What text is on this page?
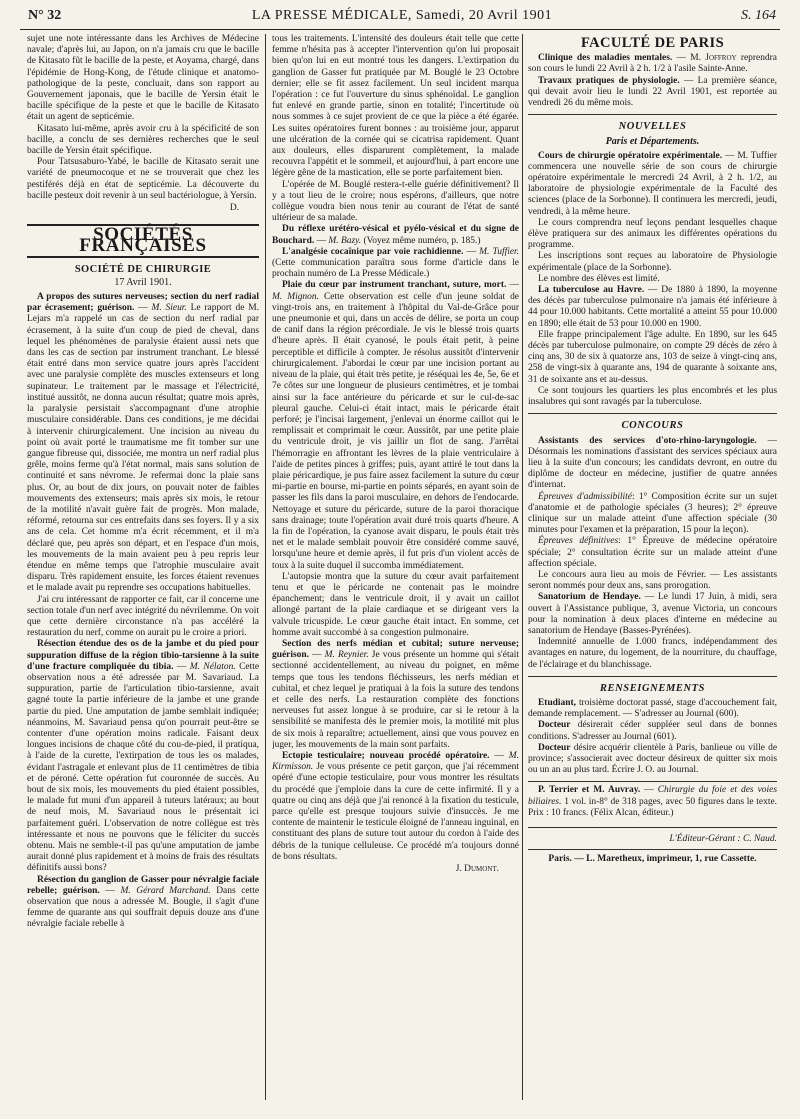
N° 32	LA PRESSE MÉDICALE, Samedi, 20 Avril 1901	S. 164

sujet une note intéressante dans les Archives de Médecine navale; d'après lui, au Japon, on n'a jamais cru que le bacille de Kitasato fût le bacille de la peste, et Aoyama, chargé, dans l'épidémie de Hong-Kong, de l'étude clinique et anatomo-pathologique de la peste, concluait, dans son rapport au Gouvernement japonais, que le bacille de Yersin était le bacille spécifique de la peste et que le bacille de Kitasato était un agent de septicémie.

Kitasato lui-même, après avoir cru à la spécificité de son bacille, a conclu de ses dernières recherches que le seul bacille de Yersin était spécifique.

Pour Tatsusaburo-Yabé, le bacille de Kitasato serait une variété de pneumocoque et ne se trouverait que chez les pestiférés déjà en état de septicémie. La découverte du bacille pesteux doit revenir à un seul bactériologue, à Yersin.

D.

SOCIÉTÉS FRANÇAISES
SOCIÉTÉ DE CHIRURGIE
17 Avril 1901.

A propos des sutures nerveuses; section du nerf radial par écrasement; guérison. — M. Sieur. Le rapport de M. Lejars m'a rappelé un cas de section du nerf radial par écrasement, à la suite d'un coup de pied de cheval, dans lequel les phénomènes de paralysie étaient aussi nets que dans les cas de section par instrument tranchant. Le blessé était entré dans mon service quatre jours après l'accident avec une paralysie complète des muscles extenseurs et long supinateur. Le traitement par le massage et l'électricité, institué aussitôt, ne donna aucun résultat; quatre mois après, la paralysie persistait s'accompagnant d'une atrophie musculaire considérable. Dans ces conditions, je me décidai à intervenir chirurgicalement. Une incision au niveau du point où avait porté le traumatisme me fit tomber sur une gangue fibreuse qui, dissociée, me montra un nerf radial plus grêle, moins ferme qu'à l'état normal, mais sans solution de continuité et sans névrome. Je refermai donc la plaie sans plus. Or, au bout de dix jours, on pouvait noter de faibles mouvements des extenseurs; mais après six mois, le retour de la motilité n'avait guère fait de progrès. Mon malade, réformé, retourna sur ces entrefaits dans ses foyers. Il y a six ans de cela. Cet homme m'a écrit récemment, et il m'a déclaré que, peu après son départ, et en l'espace d'un mois, les mouvements de la main avaient peu à peu repris leur étendue en même temps que l'atrophie musculaire avait disparu. Très rapidement ensuite, les forces étaient revenues et le malade avait pu reprendre ses occupations habituelles.

J'ai cru intéressant de rapporter ce fait, car il concerne une section totale d'un nerf avec intégrité du névrilemme. On voit que cette dernière circonstance n'a pas accéléré la restauration du nerf, comme on aurait pu le croire a priori.

Résection étendue des os de la jambe et du pied pour suppuration diffuse de la région tibio-tarsienne à la suite d'une fracture compliquée du tibia. — M. Nélaton. Cette observation nous a été adressée par M. Savariaud. La suppuration, partie de l'articulation tibio-tarsienne, avait gagné toute la partie inférieure de la jambe et une grande partie du pied. Une amputation de jambe semblait indiquée; néanmoins, M. Savariaud pensa qu'on pourrait peut-être se contenter d'une opération moins radicale. Faisant deux longues incisions de chaque côté du cou-de-pied, il pratiqua, à l'aide de la curette, l'extirpation de tous les os malades, évidant l'astragale et enlevant plus de 11 centimètres de tibia et de péroné. Cette opération fut couronnée de succès. Au bout de six mois, les mouvements du pied étaient possibles, le malade fut muni d'un appareil à tuteurs latéraux; au bout de neuf mois, M. Savariaud nous le présentait ici parfaitement guéri. L'observation de notre collègue est très intéressante et nous ne pouvons que le féliciter du succès obtenu. Mais ne semble-t-il pas qu'une amputation de jambe aurait donné plus rapidement et à moins de frais des résultats définitifs aussi bons?

Résection du ganglion de Gasser pour névralgie faciale rebelle; guérison. — M. Gérard Marchand. Dans cette observation que nous a adressée M. Bougle, il s'agit d'une femme de quarante ans qui souffrait depuis douze ans d'une névralgie faciale rebelle à

tous les traitements. L'intensité des douleurs était telle que cette femme n'hésita pas à accepter l'intervention qu'on lui proposait bien qu'on lui en eut montré tous les dangers. L'extirpation du ganglion de Gasser fut pratiquée par M. Bouglé le 23 Octobre dernier; elle se fit assez facilement. Un seul incident marqua l'opération : ce fut l'ouverture du sinus sphénoïdal. Le ganglion fut enlevé en grande partie, sinon en totalité; l'incertitude où nous sommes à ce sujet provient de ce que la pièce a été égarée. Les suites opératoires furent bonnes : au troisième jour, apparut une ulcération de la cornée qui se cicatrisa rapidement. Quant aux douleurs, elles disparurent complètement, la malade recouvra l'appétit et le sommeil, et aujourd'hui, à part encore une légère gêne de la mastication, elle se porte parfaitement bien.

L'opérée de M. Bouglé restera-t-elle guérie définitivement? Il y a tout lieu de le croire; nous espérons, d'ailleurs, que notre collègue voudra bien nous tenir au courant de l'état de santé ultérieur de sa malade.

Du réflexe urétéro-vésical et pyélo-vésical et du signe de Bouchard. — M. Bazy. (Voyez même numéro, p. 185.)

L'analgésie cocaïnique par voie rachidienne. — M. Tuffier. (Cette communication paraîtra sous forme d'article dans le prochain numéro de La Presse Médicale.)

Plaie du cœur par instrument tranchant, suture, mort. — M. Mignon. Cette observation est celle d'un jeune soldat de vingt-trois ans, en traitement à l'hôpital du Val-de-Grâce pour une pneumonie et qui, dans un accès de délire, se porta un coup de canif dans la région précordiale. Je vis le blessé trois quarts d'heure après. Il était cyanosé, le pouls était petit, à peine perceptible et difficile à compter. Je résolus aussitôt d'intervenir chirurgicalement. J'abordai le cœur par une incision portant au niveau de la plaie, qui était très petite, je réséquai les 4e, 5e, 6e et 7e côtes sur une longueur de plusieurs centimètres, et je tombai ainsi sur la face antérieure du péricarde et sur le cul-de-sac pleural gauche. Celui-ci était intact, mais le péricarde était perforé; je l'incisai largement, j'enlevai un énorme caillot qui le remplissait et comprimait le cœur. Aussitôt, par une petite plaie du ventricule droit, je vis jaillir un flot de sang. J'arrêtai l'hémorragie en affrontant les lèvres de la plaie ventriculaire à l'aide de petites pinces à griffes; puis, ayant attiré le tout dans la plaie péricardique, je pus faire assez facilement la suture du cœur mi-partie en bourse, mi-partie en points séparés, en ayant soin de passer les fils dans la paroi musculaire, en dehors de l'endocarde. Nettoyage et suture du péricarde, suture de la paroi thoracique sans drainage; toute l'opération avait duré trois quarts d'heure. A la fin de l'opération, la cyanose avait disparu, le pouls était très net et le malade semblait pouvoir être considéré comme sauvé, lorsqu'une heure et demie après, il fut pris d'un violent accès de toux à la suite duquel il succomba immédiatement.

L'autopsie montra que la suture du cœur avait parfaitement tenu et que le péricarde ne contenait pas le moindre épanchement; dans le ventricule droit, il y avait un caillot allongé partant de la plaie cardiaque et se dirigeant vers la valvule tricuspide. Le cœur gauche était intact. En somme, cet homme avait succombé à sa congestion pulmonaire.

Section des nerfs médian et cubital; suture nerveuse; guérison. — M. Reynier. Je vous présente un homme qui s'était sectionné accidentellement, au niveau du poignet, en même temps que tous les tendons fléchisseurs, les nerfs médian et cubital, et chez lequel je pratiquai à la fois la suture des tendons et celle des nerfs. La restauration complète des fonctions nerveuses fut assez longue à se produire, car si le retour à la sensibilité se manifesta dès le premier mois, la motilité mit plus de six mois à reparaître; actuellement, ainsi que vous pouvez en juger, les mouvements de la main sont parfaits.

Ectopie testiculaire; nouveau procédé opératoire. — M. Kirmisson. Je vous présente ce petit garçon, que j'ai récemment opéré d'une ectopie testiculaire, pour vous montrer les résultats du procédé que j'emploie dans la cure de cette infirmité. Il y a quatre ou cinq ans déjà que j'ai renoncé à la fixation du testicule, parce qu'elle est presque toujours suivie d'insuccès. Je me contente de maintenir le testicule éloigné de l'anneau inguinal, en constituant des plans de suture tout autour du cordon à l'aide des débris de la tunique celluleuse. Ce procédé m'a toujours donné de bons résultats.

J. Dumont.

FACULTÉ DE PARIS

Clinique des maladies mentales. — M. Joffroy reprendra son cours le lundi 22 Avril à 2 h. 1/2 à l'asile Sainte-Anne.

Travaux pratiques de physiologie. — La première séance, qui devait avoir lieu le lundi 22 Avril 1901, est reportée au vendredi 26 du même mois.

NOUVELLES
Paris et Départements.

Cours de chirurgie opératoire expérimentale. — M. Tuffier commencera une nouvelle série de son cours de chirurgie opératoire expérimentale le mercredi 24 Avril, à 2 h. 1/2, au laboratoire de physiologie expérimentale de la Faculté des sciences (place de la Sorbonne). Il continuera les mercredi, jeudi, vendredi, à la même heure.

Le cours comprendra neuf leçons pendant lesquelles chaque élève pratiquera sur des animaux les différentes opérations du programme.

Les inscriptions sont reçues au laboratoire de Physiologie expérimentale (place de la Sorbonne).

Le nombre des élèves est limité.

La tuberculose au Havre. — De 1880 à 1890, la moyenne des décès par tuberculose pulmonaire n'a jamais été inférieure à 44 pour 10.000 habitants. Cette mortalité a atteint 55 pour 10.000 en 1890; elle était de 53 pour 10.000 en 1900.

Elle frappe principalement l'âge adulte. En 1890, sur les 645 décès par tuberculose pulmonaire, on compte 29 décès de zéro à cinq ans, 30 de six à quatorze ans, 103 de seize à vingt-cinq ans, 258 de vingt-six à quarante ans, 194 de quarante à soixante ans, 31 de soixante ans et au-dessus.

Ce sont toujours les quartiers les plus encombrés et les plus insalubres qui sont ravagés par la tuberculose.

CONCOURS

Assistants des services d'oto-rhino-laryngologie. — Désormais les nominations d'assistant des services spéciaux aura lieu à la suite d'un concours; les candidats devront, en outre du diplôme de docteur en médecine, justifier de quatre années d'internat.

Épreuves d'admissibilité: 1° Composition écrite sur un sujet d'anatomie et de pathologie spéciales (3 heures); 2° épreuve clinique sur un malade atteint d'une affection spéciale (30 minutes pour l'examen et la préparation, 15 pour la leçon).

Épreuves définitives: 1° Épreuve de médecine opératoire spéciale; 2° consultation écrite sur un malade atteint d'une affection spéciale.

Le concours aura lieu au mois de Février. — Les assistants seront nommés pour deux ans, sans prorogation.

Sanatorium de Hendaye. — Le lundi 17 Juin, à midi, sera ouvert à l'Assistance publique, 3, avenue Victoria, un concours pour la nomination à deux places d'interne en médecine au sanatorium de Hendaye (Basses-Pyrénées).

Indemnité annuelle de 1.000 francs, indépendamment des avantages en nature, du logement, de la nourriture, du chauffage, de l'éclairage et du blanchissage.

RENSEIGNEMENTS

Etudiant, troisième doctorat passé, stage d'accouchement fait, demande remplacement. — S'adresser au Journal (600).

Docteur désirerait céder suppléer seul dans de bonnes conditions. S'adresser au Journal (601).

Docteur désire acquérir clientèle à Paris, banlieue ou ville de province; s'associerait avec docteur désireux de quitter six mois ou un an au plus tard. Écrire J. O. au Journal.

P. Terrier et M. Auvray. — Chirurgie du foie et des voies biliaires. 1 vol. in-8° de 318 pages, avec 50 figures dans le texte. Prix : 10 francs. (Félix Alcan, éditeur.)

L'Éditeur-Gérant : C. Naud.
Paris. — L. Maretheux, imprimeur, 1, rue Cassette.
